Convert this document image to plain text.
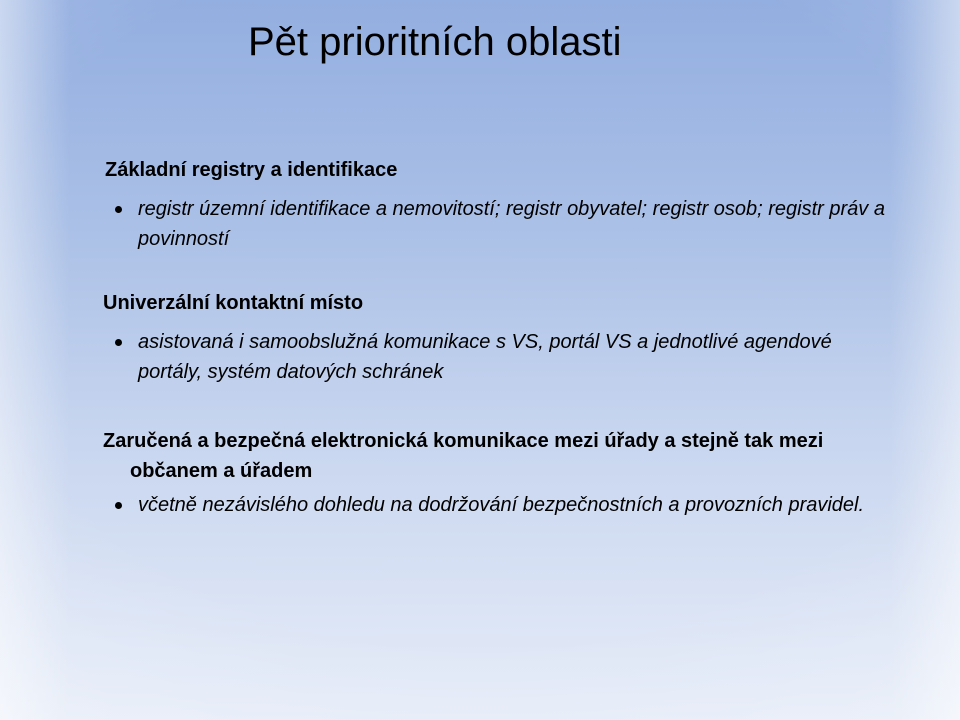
Pět prioritních oblasti

Základní registry a identifikace

registr územní identifikace a nemovitostí; registr obyvatel; registr osob; registr práv a povinností

Univerzální kontaktní místo

asistovaná i samoobslužná komunikace s VS, portál VS a jednotlivé agendové portály, systém datových schránek

Zaručená a bezpečná elektronická komunikace mezi úřady a stejně tak mezi občanem a úřadem

včetně nezávislého dohledu na dodržování bezpečnostních a provozních pravidel.
